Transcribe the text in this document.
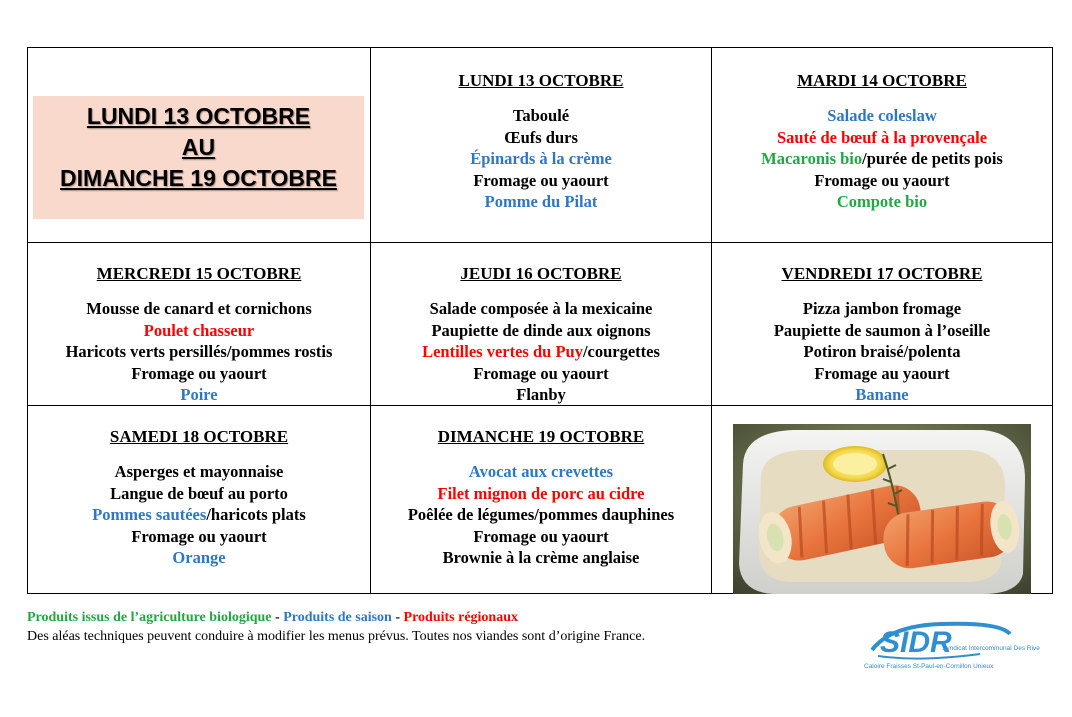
LUNDI 13 OCTOBRE
AU
DIMANCHE 19 OCTOBRE
LUNDI 13 OCTOBRE
Taboulé
Œufs durs
Épinards à la crème
Fromage ou yaourt
Pomme du Pilat
MARDI 14 OCTOBRE
Salade coleslaw
Sauté de bœuf à la provençale
Macaronis bio/purée de petits pois
Fromage ou yaourt
Compote bio
MERCREDI 15 OCTOBRE
Mousse de canard et cornichons
Poulet chasseur
Haricots verts persillés/pommes rostis
Fromage ou yaourt
Poire
JEUDI 16 OCTOBRE
Salade composée à la mexicaine
Paupiette de dinde aux oignons
Lentilles vertes du Puy/courgettes
Fromage ou yaourt
Flanby
VENDREDI 17 OCTOBRE
Pizza jambon fromage
Paupiette de saumon à l’oseille
Potiron braisé/polenta
Fromage au yaourt
Banane
SAMEDI 18 OCTOBRE
Asperges et mayonnaise
Langue de bœuf au porto
Pommes sautées/haricots plats
Fromage ou yaourt
Orange
DIMANCHE 19 OCTOBRE
Avocat aux crevettes
Filet mignon de porc au cidre
Poêlée de légumes/pommes dauphines
Fromage ou yaourt
Brownie à la crème anglaise
Produits issus de l’agriculture biologique - Produits de saison - Produits régionaux
Des aléas techniques peuvent conduire à modifier les menus prévus. Toutes nos viandes sont d’origine France.	SIDR
Syndicat Intercommunal Des Rives
Caloire Fraisses St-Paul-en-Cornillon Unieux
